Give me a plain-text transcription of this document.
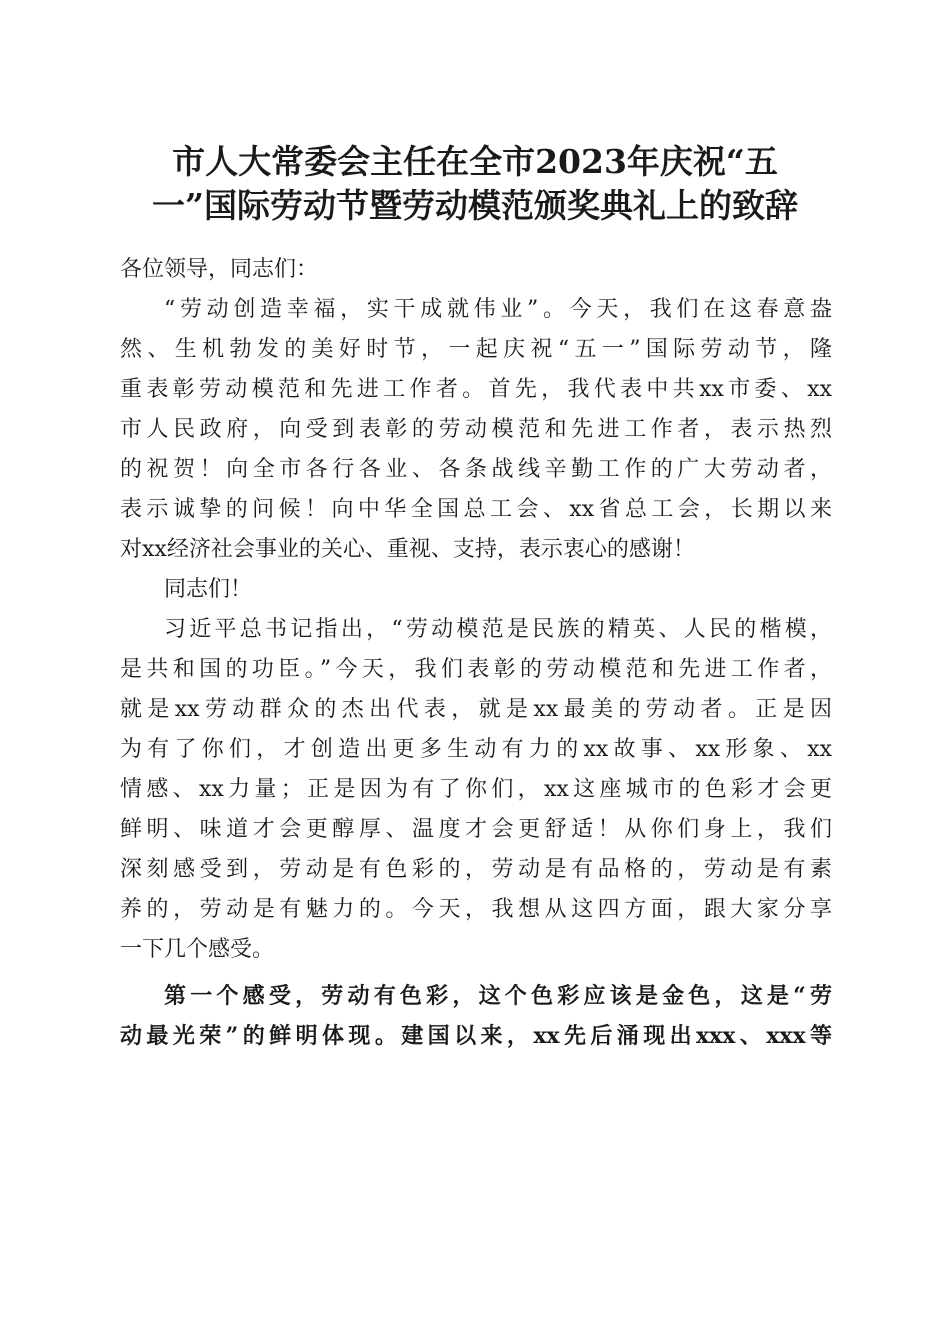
市人大常委会主任在全市2023年庆祝“五
一”国际劳动节暨劳动模范颁奖典礼上的致辞
各位领导，同志们：
“劳动创造幸福，实干成就伟业”。今天，我们在这春意盎
然、生机勃发的美好时节，一起庆祝“五一”国际劳动节，隆
重表彰劳动模范和先进工作者。首先，我代表中共xx市委、xx
市人民政府，向受到表彰的劳动模范和先进工作者，表示热烈
的祝贺！向全市各行各业、各条战线辛勤工作的广大劳动者，
表示诚挚的问候！向中华全国总工会、xx省总工会，长期以来
对xx经济社会事业的关心、重视、支持，表示衷心的感谢！
同志们！
习近平总书记指出，“劳动模范是民族的精英、人民的楷模，
是共和国的功臣。”今天，我们表彰的劳动模范和先进工作者，
就是xx劳动群众的杰出代表，就是xx最美的劳动者。正是因
为有了你们，才创造出更多生动有力的xx故事、xx形象、xx
情感、xx力量；正是因为有了你们，xx这座城市的色彩才会更
鲜明、味道才会更醇厚、温度才会更舒适！从你们身上，我们
深刻感受到，劳动是有色彩的，劳动是有品格的，劳动是有素
养的，劳动是有魅力的。今天，我想从这四方面，跟大家分享
一下几个感受。
第一个感受，劳动有色彩，这个色彩应该是金色，这是“劳
动最光荣”的鲜明体现。建国以来，xx先后涌现出xxx、xxx等
